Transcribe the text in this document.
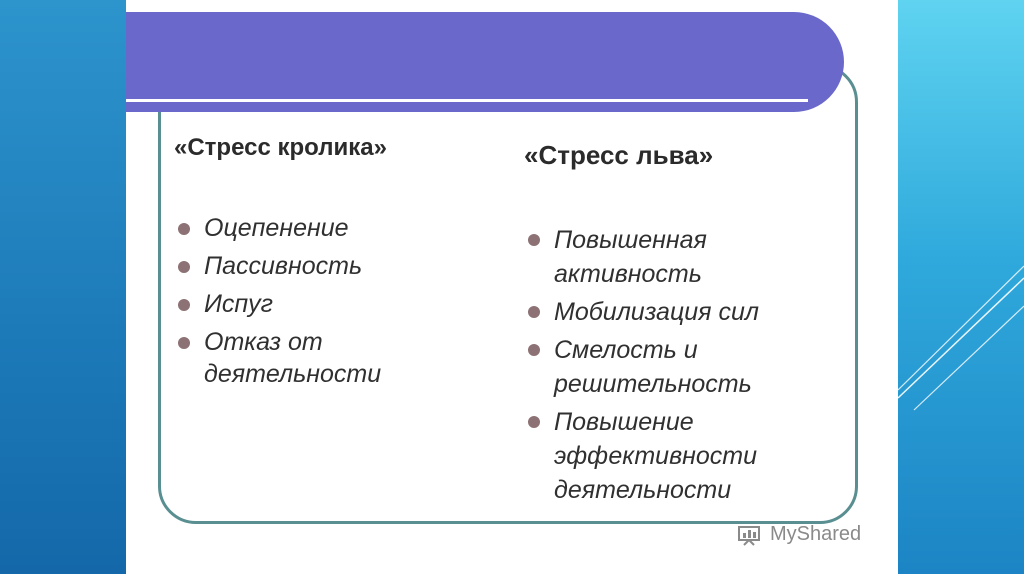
«Стресс кролика»

Оцепенение
Пассивность
Испуг
Отказ от деятельности

«Стресс льва»

Повышенная активность
Мобилизация сил
Смелость и решительность
Повышение эффективности деятельности
MyShared
